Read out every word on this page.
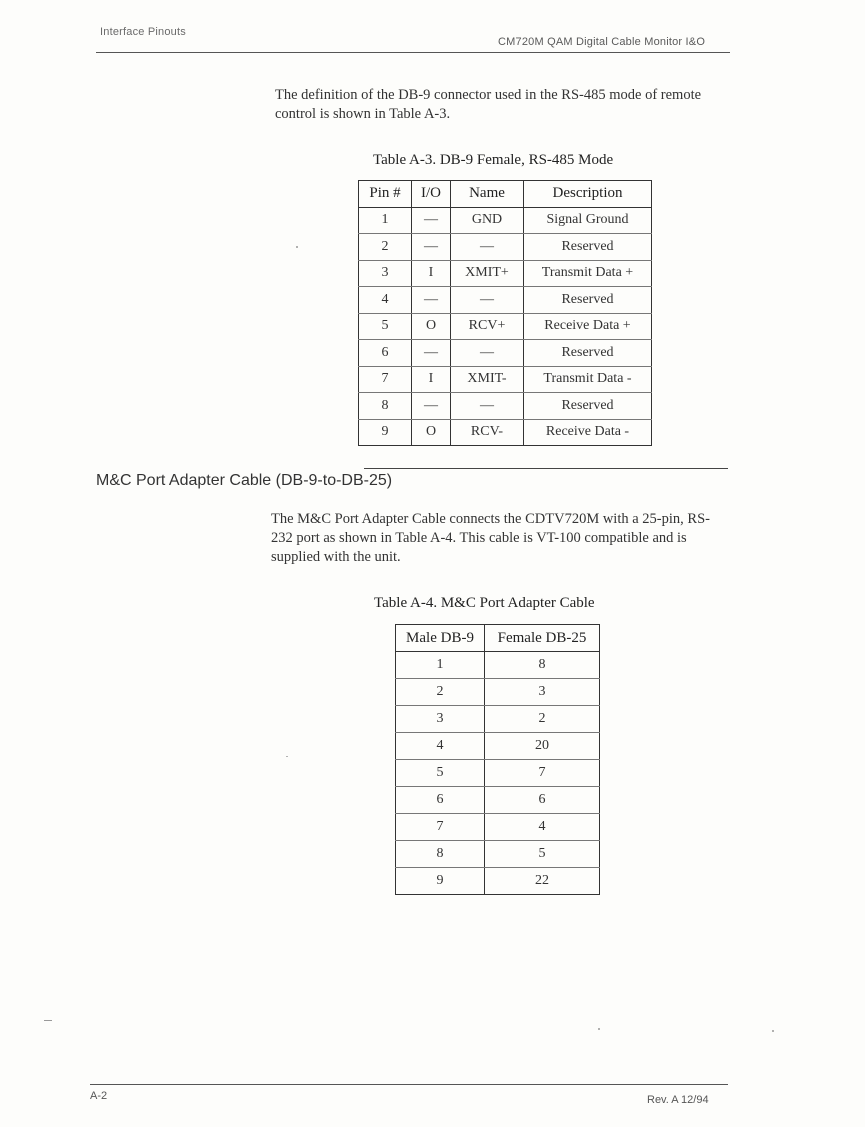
Interface Pinouts
CM720M QAM Digital Cable Monitor I&O

The definition of the DB-9 connector used in the RS-485 mode of remote control is shown in Table A-3.

Table A-3. DB-9 Female, RS-485 Mode
Pin #	I/O	Name	Description
1	—	GND	Signal Ground
2	—	—	Reserved
3	I	XMIT+	Transmit Data +
4	—	—	Reserved
5	O	RCV+	Receive Data +
6	—	—	Reserved
7	I	XMIT-	Transmit Data -
8	—	—	Reserved
9	O	RCV-	Receive Data -
M&C Port Adapter Cable (DB-9-to-DB-25)

The M&C Port Adapter Cable connects the CDTV720M with a 25-pin, RS-232 port as shown in Table A-4. This cable is VT-100 compatible and is supplied with the unit.

Table A-4. M&C Port Adapter Cable
Male DB-9	Female DB-25
1	8
2	3
3	2
4	20
5	7
6	6
7	4
8	5
9	22
A-2	Rev. A 12/94
